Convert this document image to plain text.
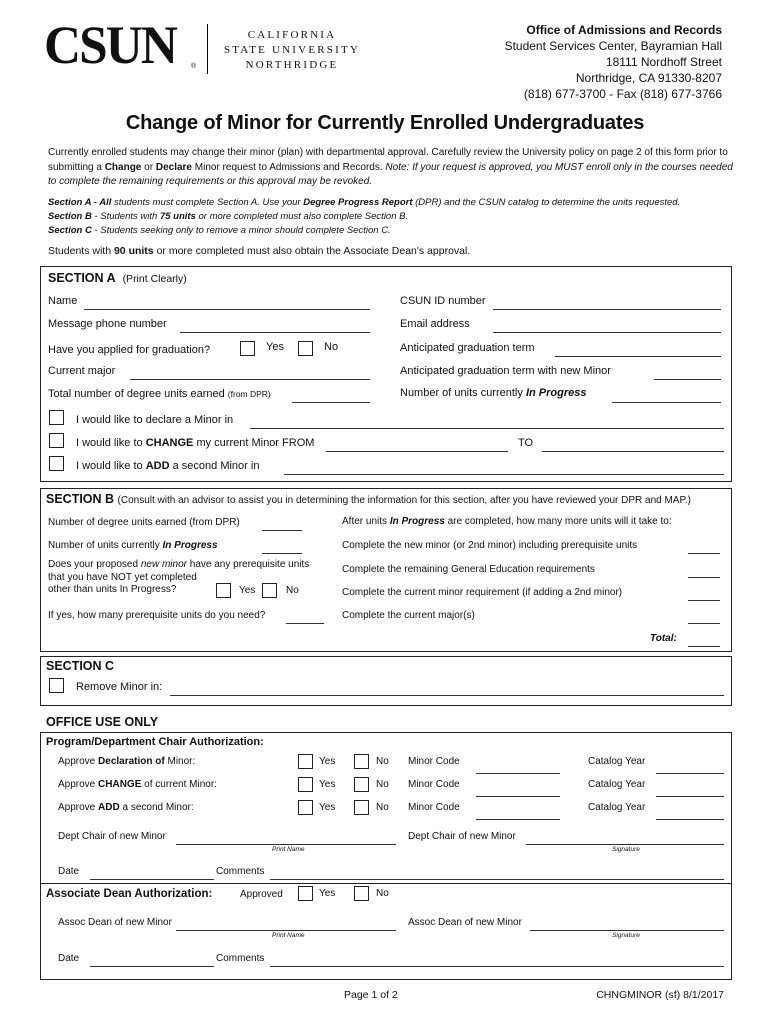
CSUN ®
CALIFORNIA
STATE UNIVERSITY
NORTHRIDGE
Office of Admissions and Records
Student Services Center, Bayramian Hall
18111 Nordhoff Street
Northridge, CA 91330-8207
(818) 677-3700 - Fax (818) 677-3766
Change of Minor for Currently Enrolled Undergraduates
Currently enrolled students may change their minor (plan) with departmental approval. Carefully review the University policy on page 2 of this form prior to submitting a Change or Declare Minor request to Admissions and Records. Note: If your request is approved, you MUST enroll only in the courses needed to complete the remaining requirements or this approval may be revoked.
Section A - All students must complete Section A. Use your Degree Progress Report (DPR) and the CSUN catalog to determine the units requested.
Section B - Students with 75 units or more completed must also complete Section B.
Section C - Students seeking only to remove a minor should complete Section C.
Students with 90 units or more completed must also obtain the Associate Dean's approval.
SECTION A (Print Clearly)
Name	CSUN ID number
Message phone number	Email address
Have you applied for graduation?	Yes	No	Anticipated graduation term
Current major	Anticipated graduation term with new Minor
Total number of degree units earned (from DPR)	Number of units currently In Progress
I would like to declare a Minor in
I would like to CHANGE my current Minor FROM	TO
I would like to ADD a second Minor in
SECTION B (Consult with an advisor to assist you in determining the information for this section, after you have reviewed your DPR and MAP.)
Number of degree units earned (from DPR)	After units In Progress are completed, how many more units will it take to:
Number of units currently In Progress	Complete the new minor (or 2nd minor) including prerequisite units
Does your proposed new minor have any prerequisite units
that you have NOT yet completed
other than units In Progress?	Yes	No
Complete the remaining General Education requirements
Complete the current minor requirement (if adding a 2nd minor)
If yes, how many prerequisite units do you need?	Complete the current major(s)
Total:
SECTION C
Remove Minor in:
OFFICE USE ONLY
Program/Department Chair Authorization:
Approve Declaration of Minor:	Yes	No Minor Code	Catalog Year
Approve CHANGE of current Minor:	Yes	No Minor Code	Catalog Year
Approve ADD a second Minor:	Yes	No Minor Code	Catalog Year
Dept Chair of new Minor
Print Name
Dept Chair of new Minor
Signature
Date	Comments
Associate Dean Authorization:	Approved	Yes	No
Assoc Dean of new Minor
Print Name
Assoc Dean of new Minor
Signature
Date	Comments
Page 1 of 2	CHNGMINOR (sf) 8/1/2017
